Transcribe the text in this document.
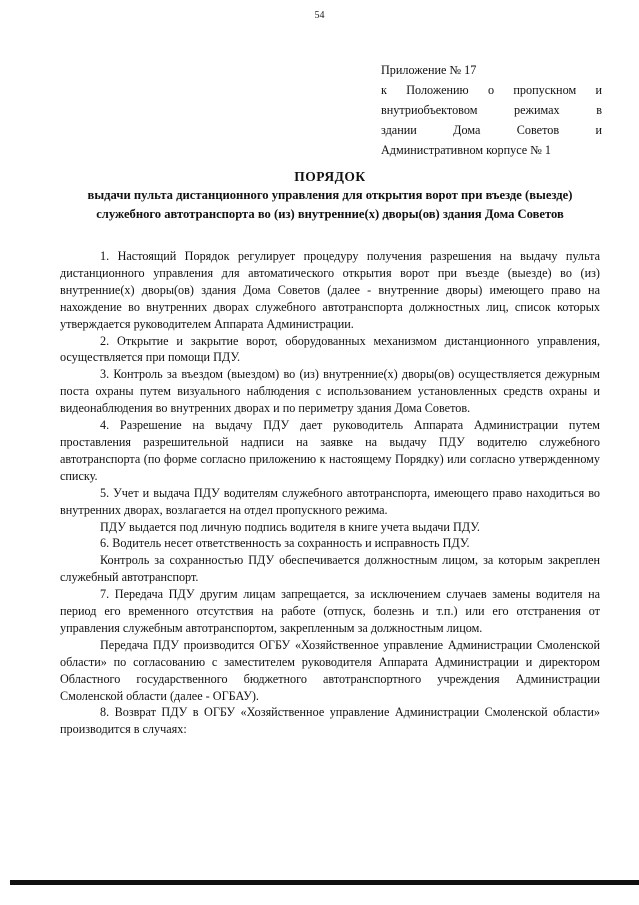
54
Приложение № 17
к Положению о пропускном и
внутриобъектовом режимах в
здании Дома Советов и
Административном корпусе № 1
ПОРЯДОК
выдачи пульта дистанционного управления для открытия ворот при въезде (выезде) служебного автотранспорта во (из) внутренние(х) дворы(ов) здания Дома Советов

1. Настоящий Порядок регулирует процедуру получения разрешения на выдачу пульта дистанционного управления для автоматического открытия ворот при въезде (выезде) во (из) внутренние(х) дворы(ов) здания Дома Советов (далее - внутренние дворы) имеющего право на нахождение во внутренних дворах служебного автотранспорта должностных лиц, список которых утверждается руководителем Аппарата Администрации.

2. Открытие и закрытие ворот, оборудованных механизмом дистанционного управления, осуществляется при помощи ПДУ.

3. Контроль за въездом (выездом) во (из) внутренние(х) дворы(ов) осуществляется дежурным поста охраны путем визуального наблюдения с использованием установленных средств охраны и видеонаблюдения во внутренних дворах и по периметру здания Дома Советов.

4. Разрешение на выдачу ПДУ дает руководитель Аппарата Администрации путем проставления разрешительной надписи на заявке на выдачу ПДУ водителю служебного автотранспорта (по форме согласно приложению к настоящему Порядку) или согласно утвержденному списку.

5. Учет и выдача ПДУ водителям служебного автотранспорта, имеющего право находиться во внутренних дворах, возлагается на отдел пропускного режима.

ПДУ выдается под личную подпись водителя в книге учета выдачи ПДУ.

6. Водитель несет ответственность за сохранность и исправность ПДУ.

Контроль за сохранностью ПДУ обеспечивается должностным лицом, за которым закреплен служебный автотранспорт.

7. Передача ПДУ другим лицам запрещается, за исключением случаев замены водителя на период его временного отсутствия на работе (отпуск, болезнь и т.п.) или его отстранения от управления служебным автотранспортом, закрепленным за должностным лицом.

Передача ПДУ производится ОГБУ «Хозяйственное управление Администрации Смоленской области» по согласованию с заместителем руководителя Аппарата Администрации и директором Областного государственного бюджетного автотранспортного учреждения Администрации Смоленской области (далее - ОГБАУ).

8. Возврат ПДУ в ОГБУ «Хозяйственное управление Администрации Смоленской области» производится в случаях:
